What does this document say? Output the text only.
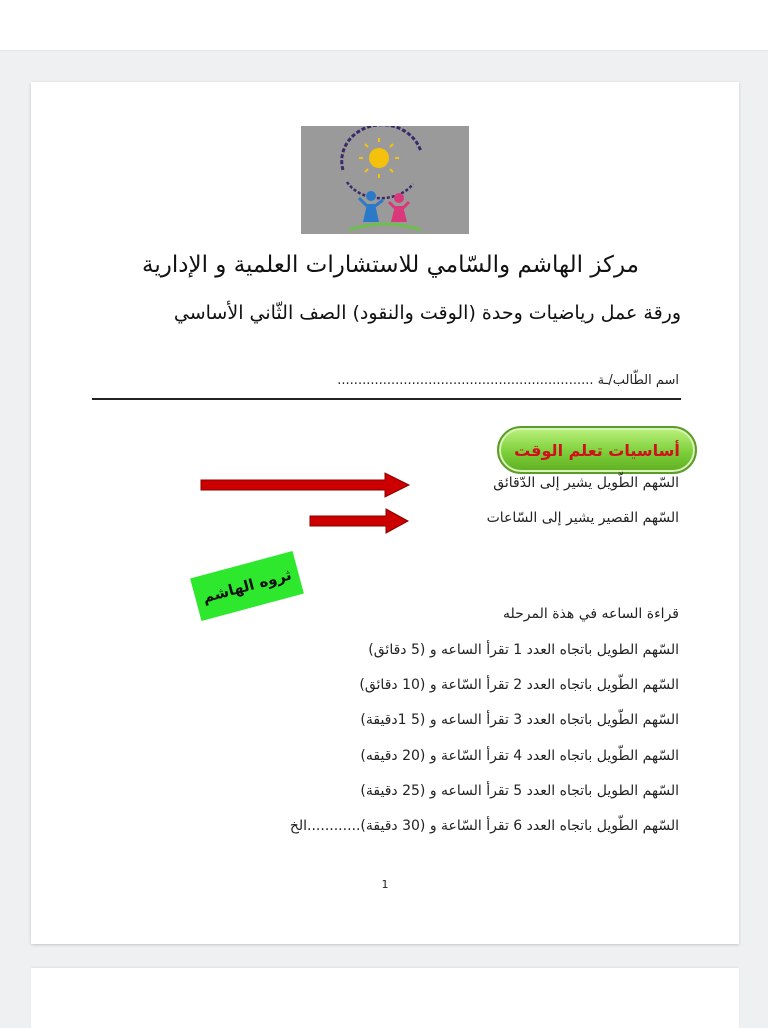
مركز الهاشم والسّامي للاستشارات العلمية و الإدارية
ورقة عمل رياضيات وحدة (الوقت والنقود) الصف الثّاني الأساسي
اسم الطّالب/ـة ..............................................................
أساسيات تعلم الوقت
السّهم الطّويل يشير إلى الدّقائق
السّهم القصير يشير إلى السّاعات
ثروه الهاشم
قراءة الساعه في هذة المرحله
السّهم الطويل باتجاه العدد 1 تقرأ الساعه و (5 دقائق)
السّهم الطّويل باتجاه العدد 2 تقرأ السّاعة و (10 دقائق)
السّهم الطّويل باتجاه العدد 3 تقرأ الساعه و (5 1دقيقة)
السّهم الطّويل باتجاه العدد 4 تقرأ السّاعة و (20 دقيقه)
السّهم الطويل باتجاه العدد 5 تقرأ الساعه و (25 دقيقة)
السّهم الطّويل باتجاه العدد 6 تقرأ السّاعة و (30 دقيقة)............الخ
1
